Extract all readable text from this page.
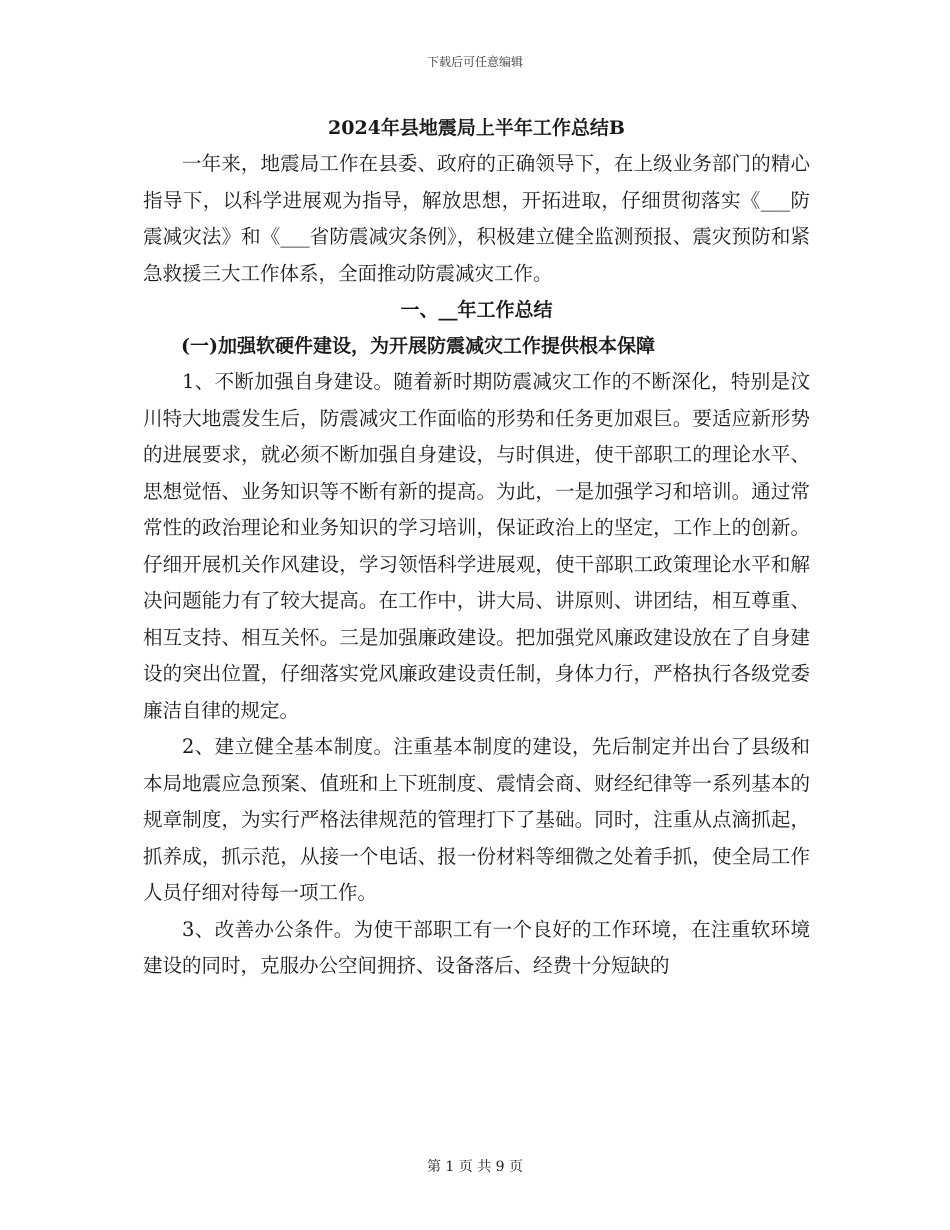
下载后可任意编辑

2024年县地震局上半年工作总结B

一年来，地震局工作在县委、政府的正确领导下，在上级业务部门的精心指导下，以科学进展观为指导，解放思想，开拓进取，仔细贯彻落实《___防震减灾法》和《___省防震减灾条例》，积极建立健全监测预报、震灾预防和紧急救援三大工作体系，全面推动防震减灾工作。

一、__年工作总结

(一)加强软硬件建设，为开展防震减灾工作提供根本保障

1、不断加强自身建设。随着新时期防震减灾工作的不断深化，特别是汶川特大地震发生后，防震减灾工作面临的形势和任务更加艰巨。要适应新形势的进展要求，就必须不断加强自身建设，与时俱进，使干部职工的理论水平、思想觉悟、业务知识等不断有新的提高。为此，一是加强学习和培训。通过常常性的政治理论和业务知识的学习培训，保证政治上的坚定，工作上的创新。仔细开展机关作风建设，学习领悟科学进展观，使干部职工政策理论水平和解决问题能力有了较大提高。在工作中，讲大局、讲原则、讲团结，相互尊重、相互支持、相互关怀。三是加强廉政建设。把加强党风廉政建设放在了自身建设的突出位置，仔细落实党风廉政建设责任制，身体力行，严格执行各级党委廉洁自律的规定。

2、建立健全基本制度。注重基本制度的建设，先后制定并出台了县级和本局地震应急预案、值班和上下班制度、震情会商、财经纪律等一系列基本的规章制度，为实行严格法律规范的管理打下了基础。同时，注重从点滴抓起，抓养成，抓示范，从接一个电话、报一份材料等细微之处着手抓，使全局工作人员仔细对待每一项工作。

3、改善办公条件。为使干部职工有一个良好的工作环境，在注重软环境建设的同时，克服办公空间拥挤、设备落后、经费十分短缺的

第 1 页 共 9 页
